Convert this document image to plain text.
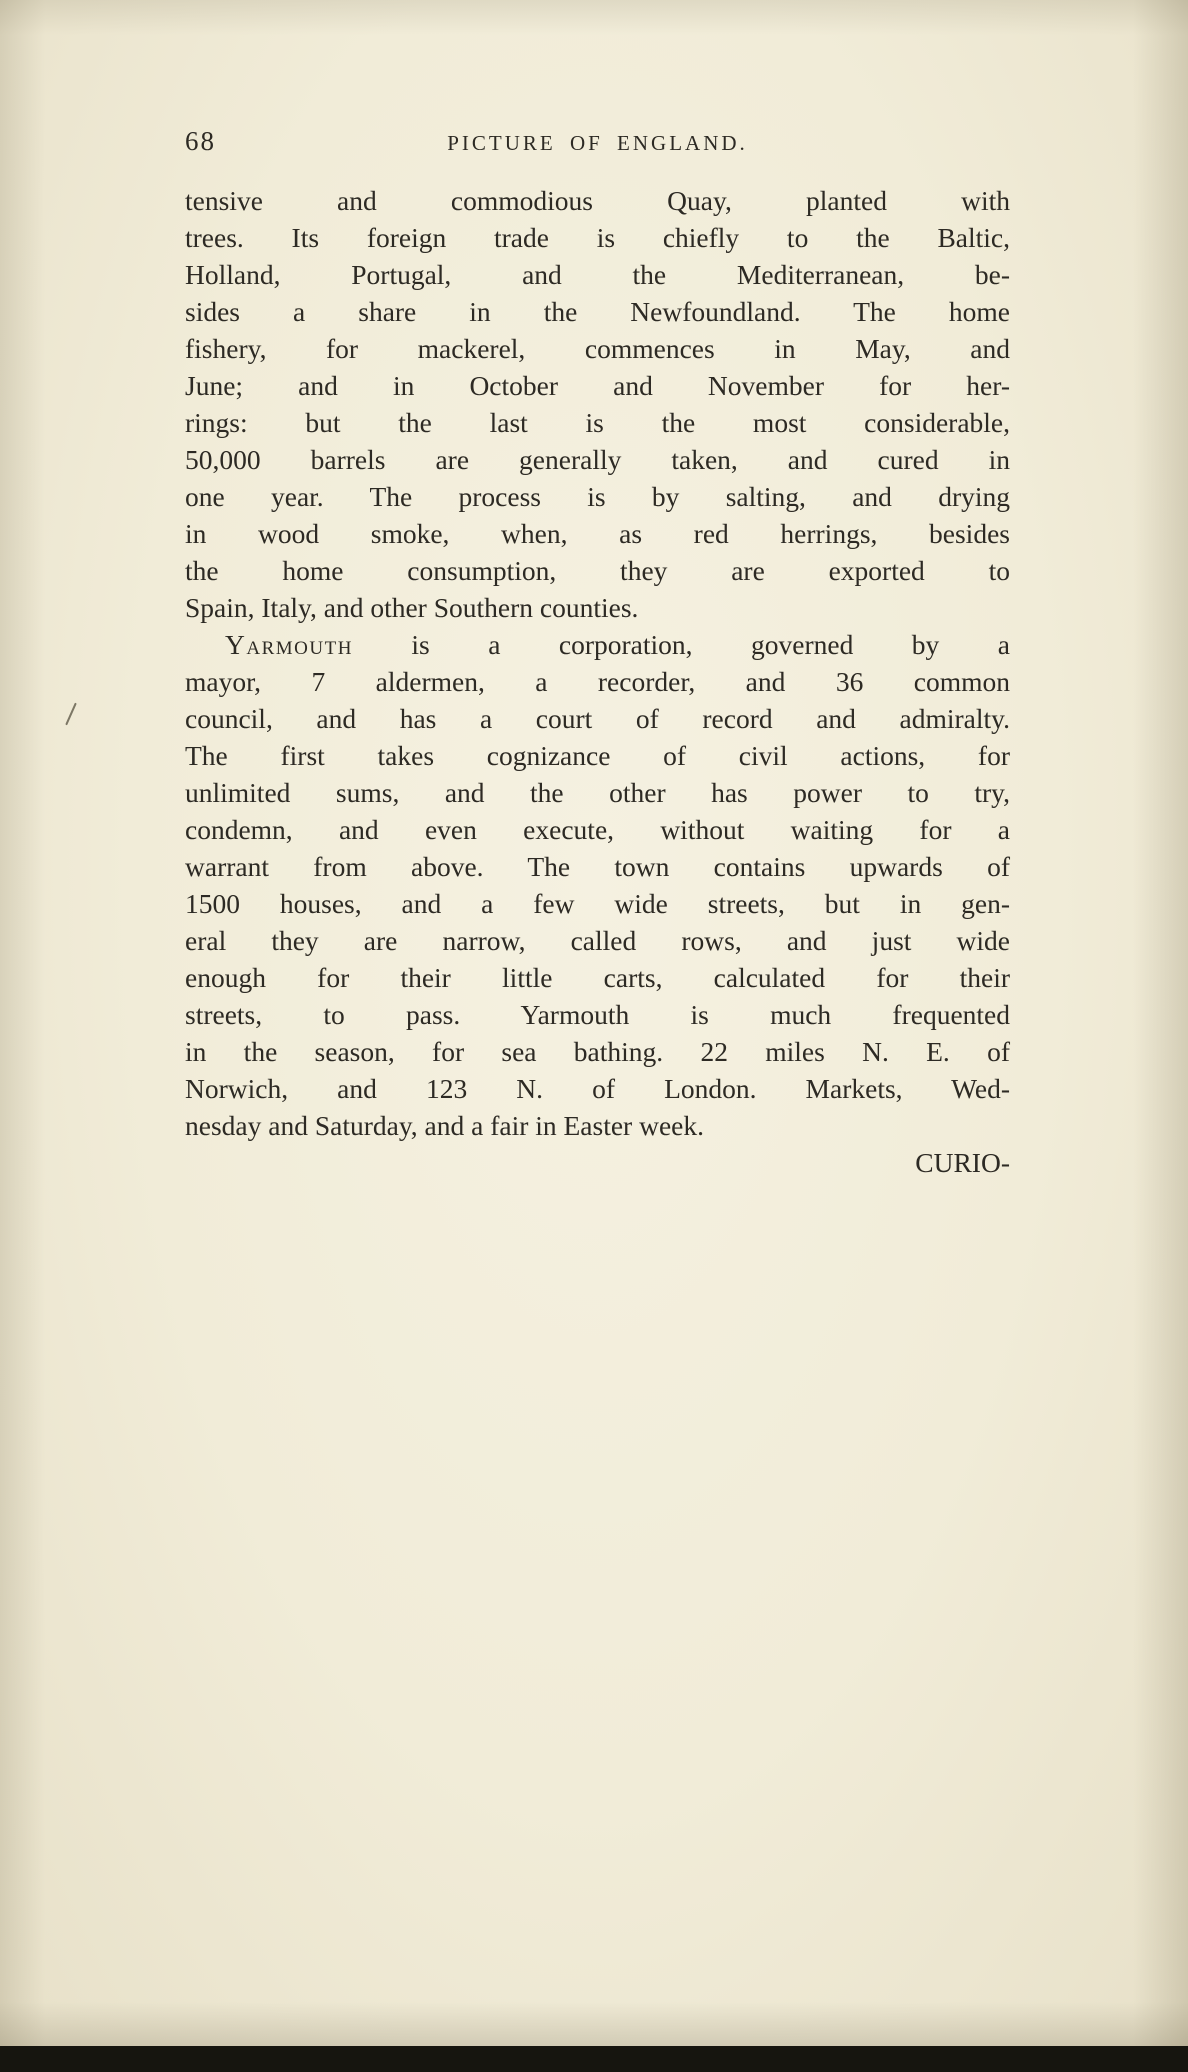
68	PICTURE OF ENGLAND.
tensive and commodious Quay, planted with
trees. Its foreign trade is chiefly to the Baltic,
Holland, Portugal, and the Mediterranean, be-
sides a share in the Newfoundland. The home
fishery, for mackerel, commences in May, and
June; and in October and November for her-
rings: but the last is the most considerable,
50,000 barrels are generally taken, and cured in
one year. The process is by salting, and drying
in wood smoke, when, as red herrings, besides
the home consumption, they are exported to
Spain, Italy, and other Southern counties.
Yarmouth is a corporation, governed by a
mayor, 7 aldermen, a recorder, and 36 common
council, and has a court of record and admiralty.
The first takes cognizance of civil actions, for
unlimited sums, and the other has power to try,
condemn, and even execute, without waiting for a
warrant from above. The town contains upwards of
1500 houses, and a few wide streets, but in gen-
eral they are narrow, called rows, and just wide
enough for their little carts, calculated for their
streets, to pass. Yarmouth is much frequented
in the season, for sea bathing. 22 miles N. E. of
Norwich, and 123 N. of London. Markets, Wed-
nesday and Saturday, and a fair in Easter week.
CURIO-
